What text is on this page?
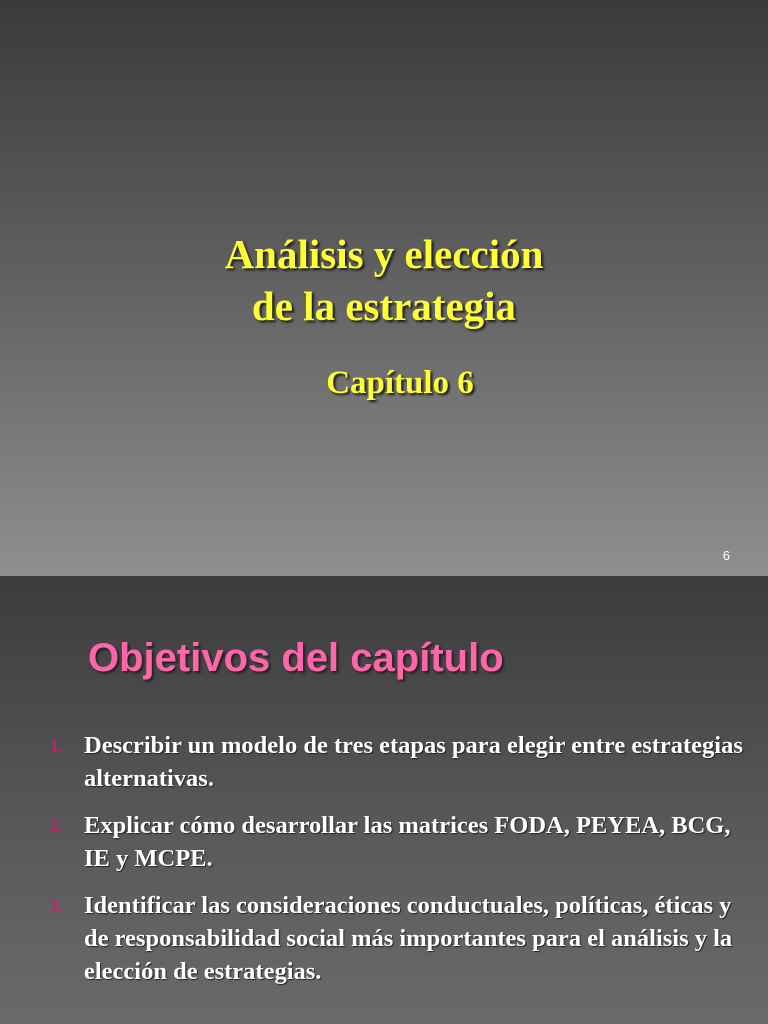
Análisis y elección
de la estrategia
Capítulo 6
6
Objetivos del capítulo
1. Describir un modelo de tres etapas para elegir entre estrategias alternativas.
2. Explicar cómo desarrollar las matrices FODA, PEYEA, BCG, IE y MCPE.
3. Identificar las consideraciones conductuales, políticas, éticas y de responsabilidad social más importantes para el análisis y la elección de estrategias.
